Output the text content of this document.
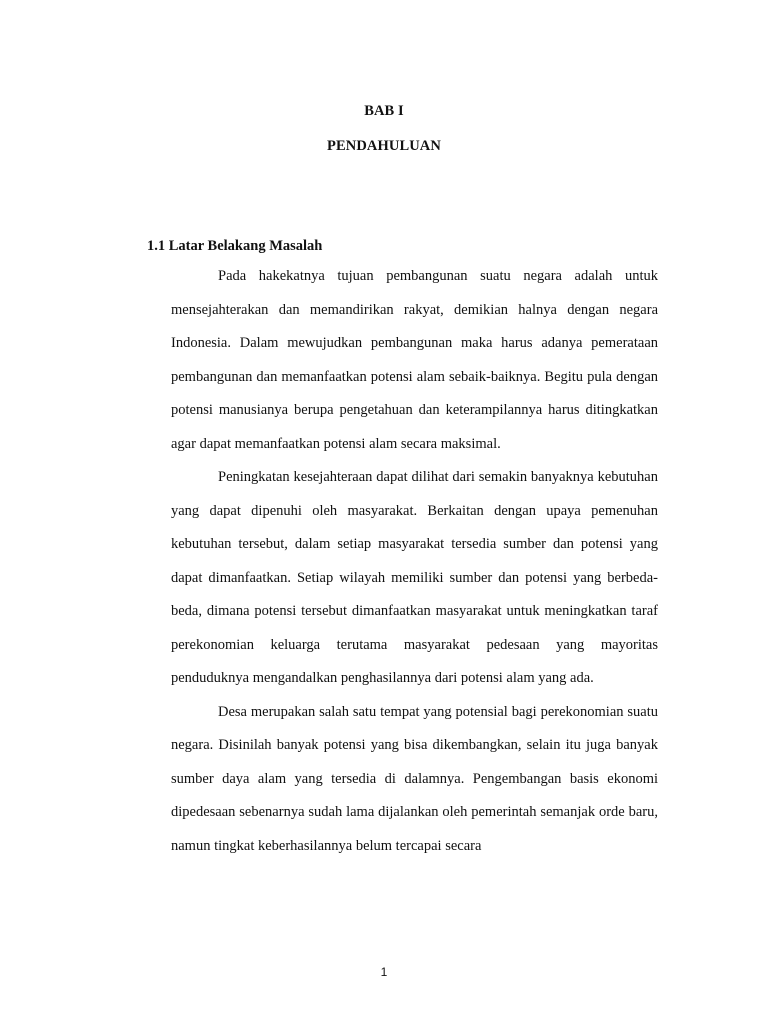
BAB I
PENDAHULUAN
1.1 Latar Belakang Masalah

Pada hakekatnya tujuan pembangunan suatu negara adalah untuk mensejahterakan dan memandirikan rakyat, demikian halnya dengan negara Indonesia. Dalam mewujudkan pembangunan maka harus adanya pemerataan pembangunan dan memanfaatkan potensi alam sebaik-baiknya. Begitu pula dengan potensi manusianya berupa pengetahuan dan keterampilannya harus ditingkatkan agar dapat memanfaatkan potensi alam secara maksimal.

Peningkatan kesejahteraan dapat dilihat dari semakin banyaknya kebutuhan yang dapat dipenuhi oleh masyarakat. Berkaitan dengan upaya pemenuhan kebutuhan tersebut, dalam setiap masyarakat tersedia sumber dan potensi yang dapat dimanfaatkan. Setiap wilayah memiliki sumber dan potensi yang berbeda-beda, dimana potensi tersebut dimanfaatkan masyarakat untuk meningkatkan taraf perekonomian keluarga terutama masyarakat pedesaan yang mayoritas penduduknya mengandalkan penghasilannya dari potensi alam yang ada.

Desa merupakan salah satu tempat yang potensial bagi perekonomian suatu negara. Disinilah banyak potensi yang bisa dikembangkan, selain itu juga banyak sumber daya alam yang tersedia di dalamnya. Pengembangan basis ekonomi dipedesaan sebenarnya sudah lama dijalankan oleh pemerintah semanjak orde baru, namun tingkat keberhasilannya belum tercapai secara

1
